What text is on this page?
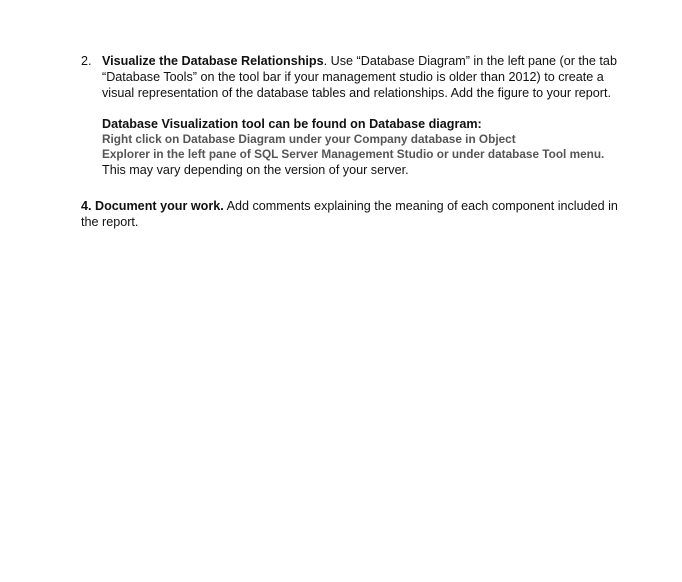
2. Visualize the Database Relationships. Use “Database Diagram” in the left pane (or the tab
“Database Tools” on the tool bar if your management studio is older than 2012) to create a
visual representation of the database tables and relationships. Add the figure to your report.
Database Visualization tool can be found on Database diagram:
Right click on Database Diagram under your Company database in Object
Explorer in the left pane of SQL Server Management Studio or under database Tool menu.
This may vary depending on the version of your server.
4. Document your work. Add comments explaining the meaning of each component included in
the report.
